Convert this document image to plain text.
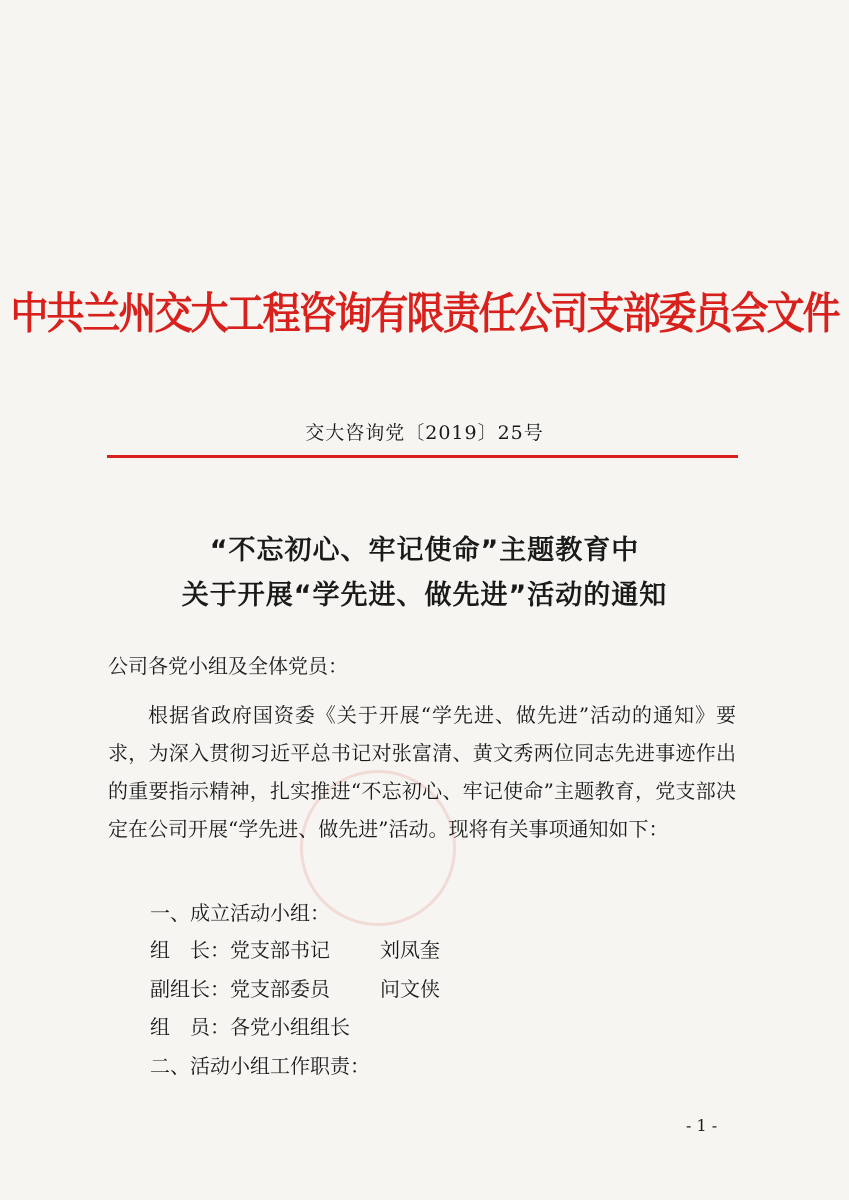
中共兰州交大工程咨询有限责任公司支部委员会文件
交大咨询党〔2019〕25号
“不忘初心、牢记使命”主题教育中
关于开展“学先进、做先进”活动的通知
公司各党小组及全体党员：
根据省政府国资委《关于开展“学先进、做先进”活动的通知》要求，为深入贯彻习近平总书记对张富清、黄文秀两位同志先进事迹作出的重要指示精神，扎实推进“不忘初心、牢记使命”主题教育，党支部决定在公司开展“学先进、做先进”活动。现将有关事项通知如下：
一、成立活动小组：
组　长：党支部书记	刘凤奎
副组长：党支部委员	问文侠
组　员：各党小组组长
二、活动小组工作职责：
- 1 -
